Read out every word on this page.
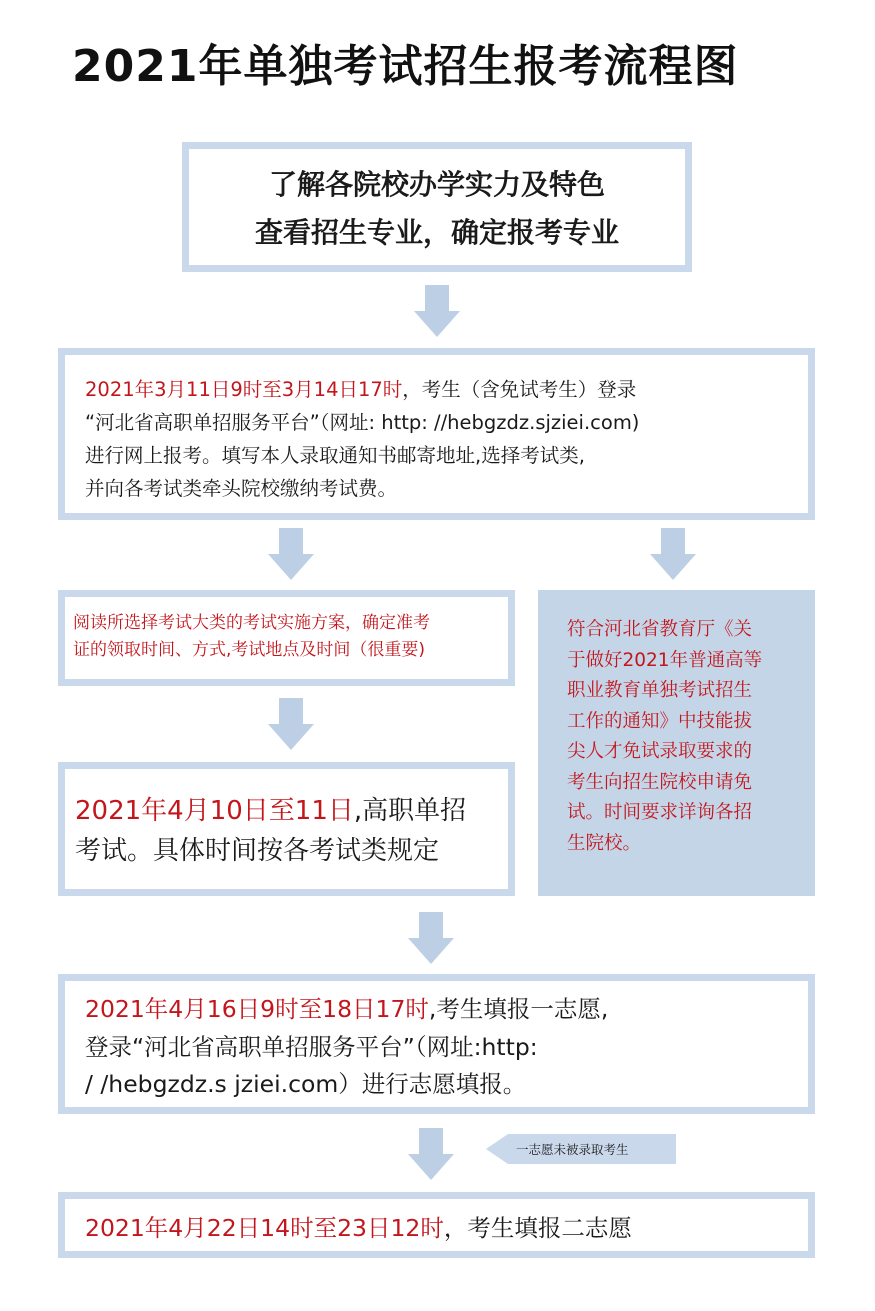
2021年单独考试招生报考流程图
了解各院校办学实力及特色
查看招生专业，确定报考专业
2021年3月11日9时至3月14日17时，考生（含免试考生）登录
“河北省高职单招服务平台”（网址: http: //hebgzdz.sjziei.com)
进行网上报考。填写本人录取通知书邮寄地址,选择考试类,
并向各考试类牵头院校缴纳考试费。
阅读所选择考试大类的考试实施方案，确定准考
证的领取时间、方式,考试地点及时间（很重要)
2021年4月10日至11日,高职单招
考试。具体时间按各考试类规定
符合河北省教育厅《关
于做好2021年普通高等
职业教育单独考试招生
工作的通知》中技能拔
尖人才免试录取要求的
考生向招生院校申请免
试。时间要求详询各招
生院校。
2021年4月16日9时至18日17时,考生填报一志愿,
登录“河北省高职单招服务平台”（网址:http:
/ /hebgzdz.s jziei.com）进行志愿填报。
一志愿未被录取考生
2021年4月22日14时至23日12时，考生填报二志愿
